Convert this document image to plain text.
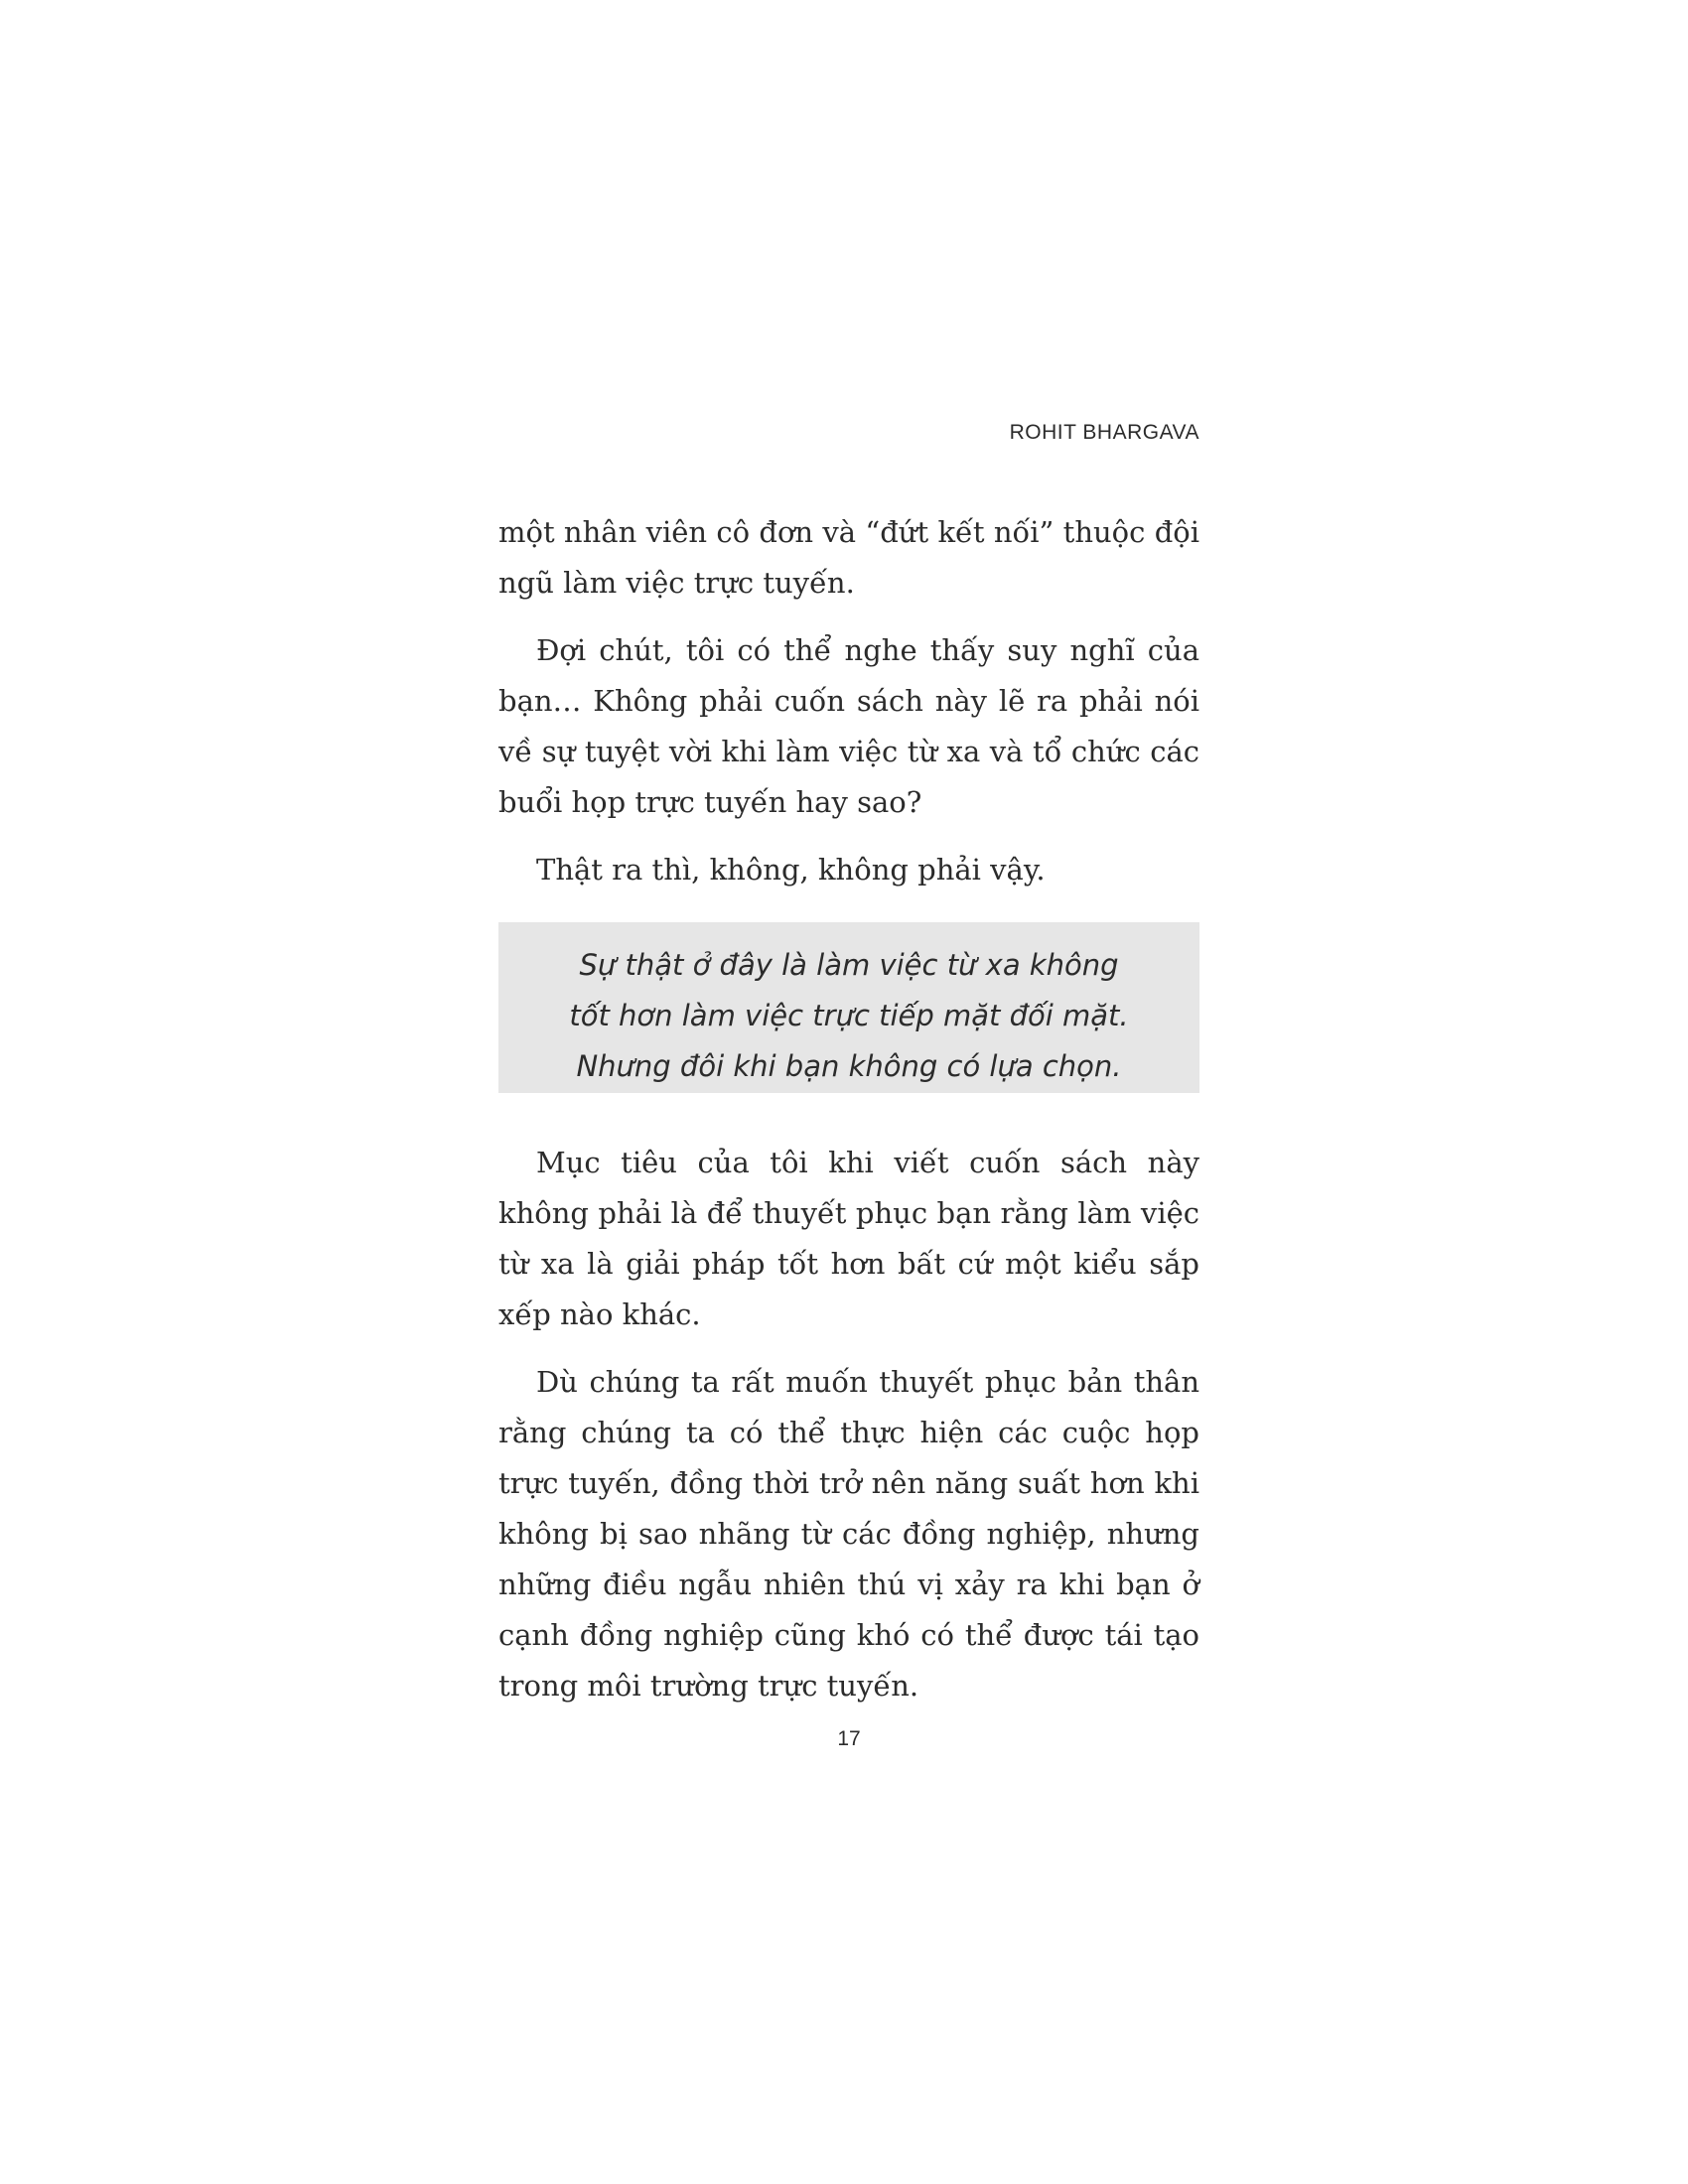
ROHIT BHARGAVA

một nhân viên cô đơn và “đứt kết nối” thuộc đội ngũ làm việc trực tuyến.

Đợi chút, tôi có thể nghe thấy suy nghĩ của bạn… Không phải cuốn sách này lẽ ra phải nói về sự tuyệt vời khi làm việc từ xa và tổ chức các buổi họp trực tuyến hay sao?

Thật ra thì, không, không phải vậy.

Sự thật ở đây là làm việc từ xa không
tốt hơn làm việc trực tiếp mặt đối mặt.
Nhưng đôi khi bạn không có lựa chọn.

Mục tiêu của tôi khi viết cuốn sách này không phải là để thuyết phục bạn rằng làm việc từ xa là giải pháp tốt hơn bất cứ một kiểu sắp xếp nào khác.

Dù chúng ta rất muốn thuyết phục bản thân rằng chúng ta có thể thực hiện các cuộc họp trực tuyến, đồng thời trở nên năng suất hơn khi không bị sao nhãng từ các đồng nghiệp, nhưng những điều ngẫu nhiên thú vị xảy ra khi bạn ở cạnh đồng nghiệp cũng khó có thể được tái tạo trong môi trường trực tuyến.

17
